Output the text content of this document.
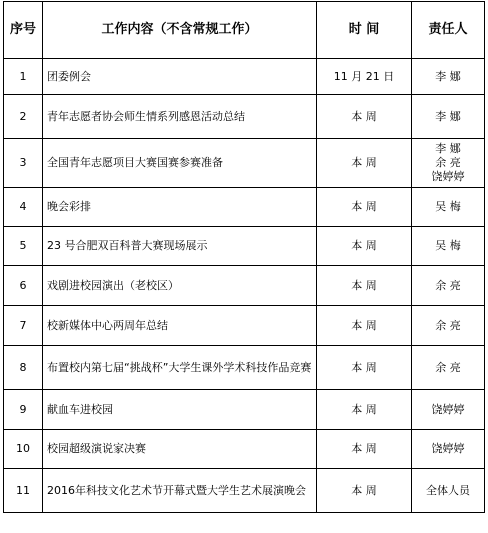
序号	工作内容（不含常规工作）	时 间	责任人
1	团委例会	11 月 21 日	李 娜

2	青年志愿者协会师生情系列感恩活动总结	本 周	李 娜

3	全国青年志愿项目大赛国赛参赛准备	本 周	李 娜
余 亮
饶婷婷

4	晚会彩排	本 周	吴 梅

5	23 号合肥双百科普大赛现场展示	本 周	吴 梅

6	戏剧进校园演出（老校区）	本 周	余 亮

7	校新媒体中心两周年总结	本 周	余 亮

8	布置校内第七届“挑战杯”大学生课外学术科技作品竞赛	本 周	余 亮

9	献血车进校园	本 周	饶婷婷

10	校园超级演说家决赛	本 周	饶婷婷

11	2016年科技文化艺术节开幕式暨大学生艺术展演晚会	本 周	全体人员
